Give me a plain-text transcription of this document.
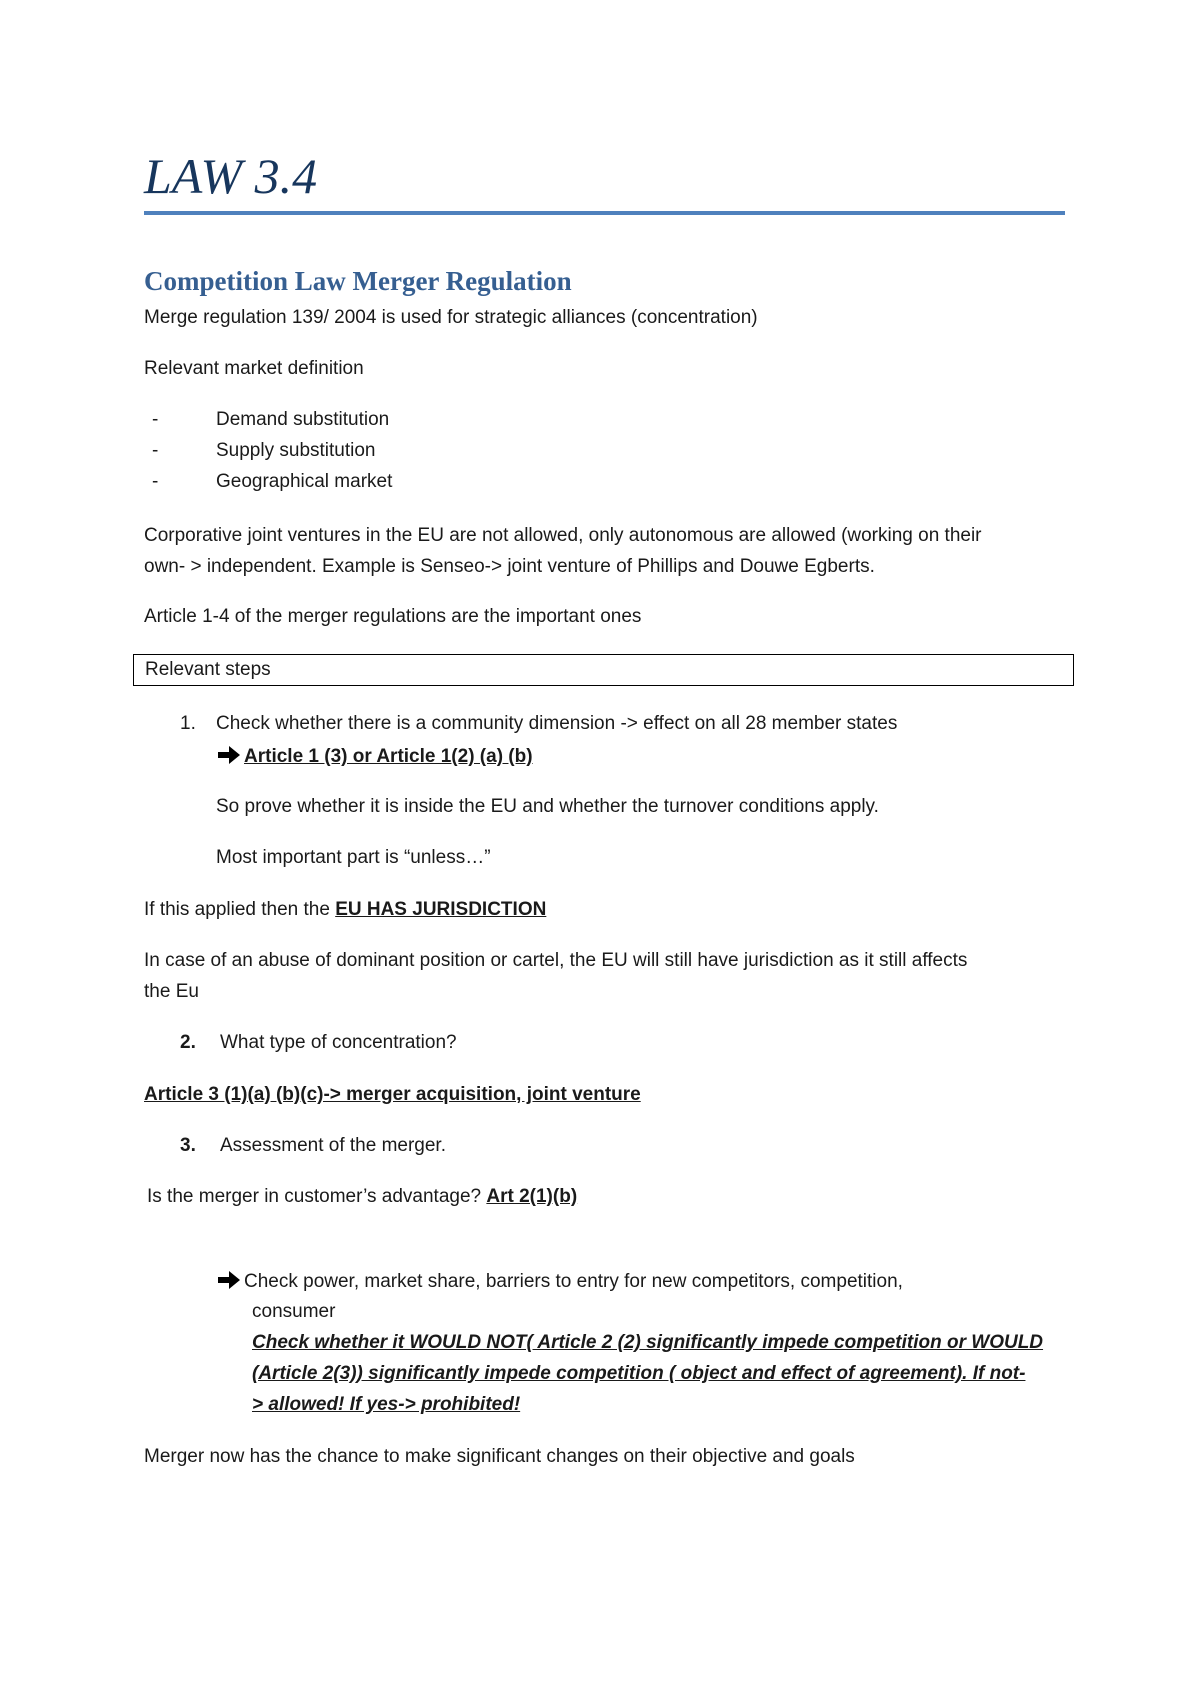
LAW 3.4
Competition Law Merger Regulation
Merge regulation 139/ 2004 is used for strategic alliances (concentration)
Relevant market definition
-	Demand substitution
-	Supply substitution
-	Geographical market
Corporative joint ventures in the EU are not allowed, only autonomous are allowed (working on their
own- > independent. Example is Senseo-> joint venture of Phillips and Douwe Egberts.
Article 1-4 of the merger regulations are the important ones
Relevant steps
1. Check whether there is a community dimension -> effect on all 28 member states
Article 1 (3) or Article 1(2) (a) (b)
So prove whether it is inside the EU and whether the turnover conditions apply.
Most important part is “unless…”
If this applied then the EU HAS JURISDICTION
In case of an abuse of dominant position or cartel, the EU will still have jurisdiction as it still affects
the Eu
2. What type of concentration?
Article 3 (1)(a) (b)(c)-> merger acquisition, joint venture
3. Assessment of the merger.
Is the merger in customer’s advantage? Art 2(1)(b)
Check power, market share, barriers to entry for new competitors, competition,
consumer
Check whether it WOULD NOT( Article 2 (2) significantly impede competition or WOULD
(Article 2(3)) significantly impede competition ( object and effect of agreement). If not-
> allowed! If yes-> prohibited!
Merger now has the chance to make significant changes on their objective and goals
